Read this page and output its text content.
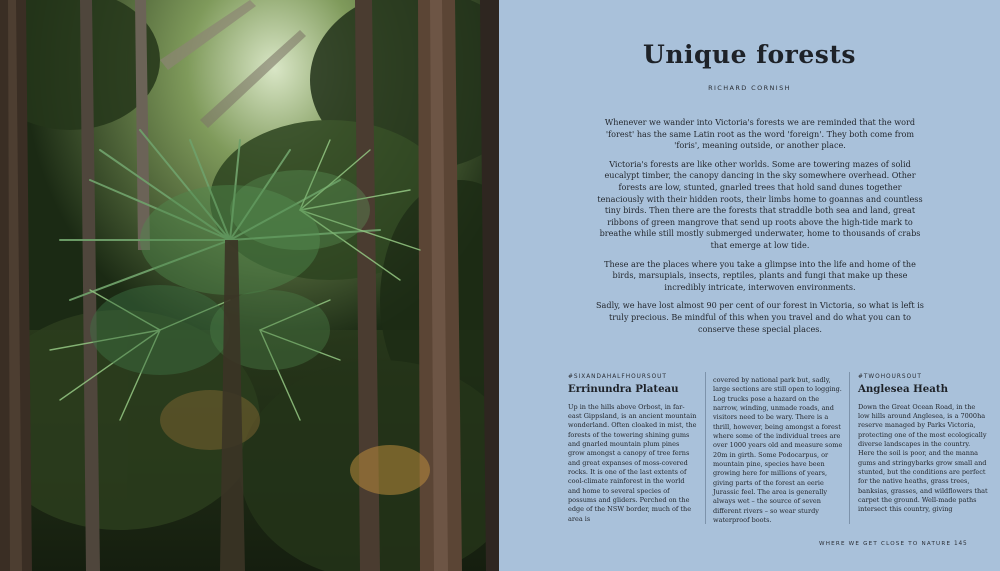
Unique forests
RICHARD CORNISH

Whenever we wander into Victoria's forests we are reminded that the word 'forest' has the same Latin root as the word 'foreign'. They both come from 'foris', meaning outside, or another place.

Victoria's forests are like other worlds. Some are towering mazes of solid eucalypt timber, the canopy dancing in the sky somewhere overhead. Other forests are low, stunted, gnarled trees that hold sand dunes together tenaciously with their hidden roots, their limbs home to goannas and countless tiny birds. Then there are the forests that straddle both sea and land, great ribbons of green mangrove that send up roots above the high-tide mark to breathe while still mostly submerged underwater, home to thousands of crabs that emerge at low tide.

These are the places where you take a glimpse into the life and home of the birds, marsupials, insects, reptiles, plants and fungi that make up these incredibly intricate, interwoven environments.

Sadly, we have lost almost 90 per cent of our forest in Victoria, so what is left is truly precious. Be mindful of this when you travel and do what you can to conserve these special places.

#SIXANDAHALFHOURSOUT
Errinundra Plateau

Up in the hills above Orbost, in far-east Gippsland, is an ancient mountain wonderland. Often cloaked in mist, the forests of the towering shining gums and gnarled mountain plum pines grow amongst a canopy of tree ferns and great expanses of moss-covered rocks. It is one of the last extents of cool-climate rainforest in the world and home to several species of possums and gliders. Perched on the edge of the NSW border, much of the area is

covered by national park but, sadly, large sections are still open to logging. Log trucks pose a hazard on the narrow, winding, unmade roads, and visitors need to be wary. There is a thrill, however, being amongst a forest where some of the individual trees are over 1000 years old and measure some 20m in girth. Some Podocarpus, or mountain pine, species have been growing here for millions of years, giving parts of the forest an eerie Jurassic feel. The area is generally always wet – the source of seven different rivers – so wear sturdy waterproof boots.

#TWOHOURSOUT
Anglesea Heath

Down the Great Ocean Road, in the low hills around Anglesea, is a 7000ha reserve managed by Parks Victoria, protecting one of the most ecologically diverse landscapes in the country. Here the soil is poor, and the manna gums and stringybarks grow small and stunted, but the conditions are perfect for the native heaths, grass trees, banksias, grasses, and wildflowers that carpet the ground. Well-made paths intersect this country, giving

WHERE WE GET CLOSE TO NATURE 145
